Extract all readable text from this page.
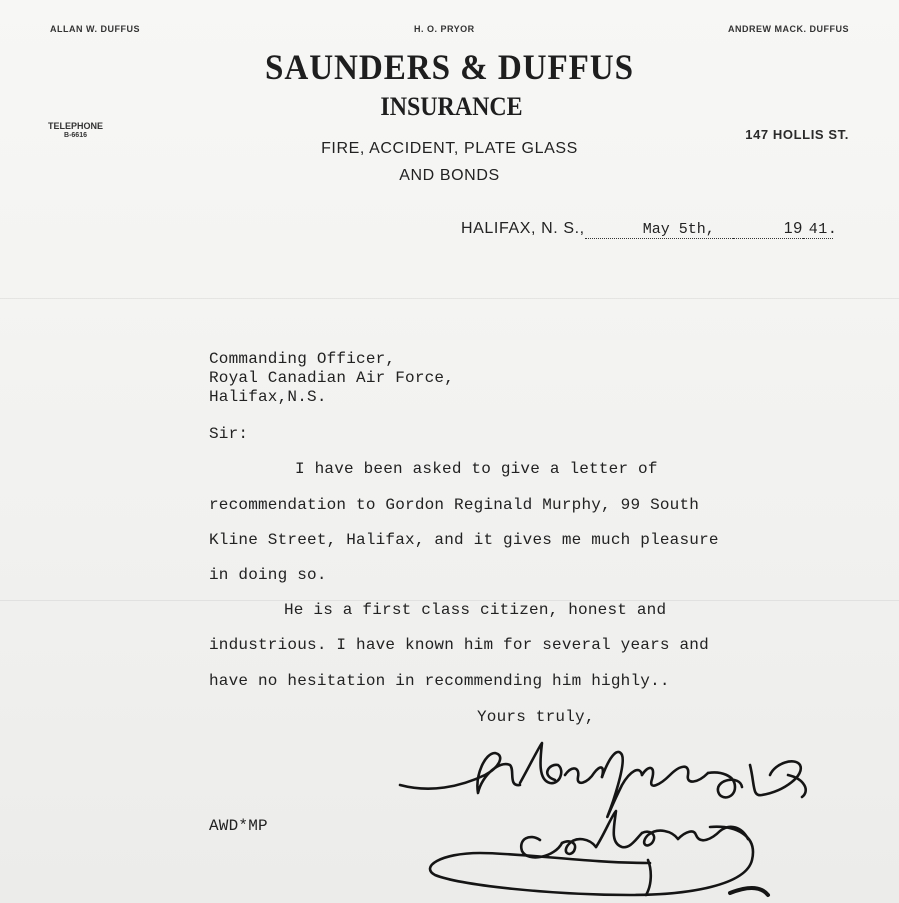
ALLAN W. DUFFUS	H. O. PRYOR	ANDREW MACK. DUFFUS
SAUNDERS & DUFFUS
INSURANCE
FIRE, ACCIDENT, PLATE GLASS
AND BONDS
TELEPHONE
B-6616	147 HOLLIS ST.
HALIFAX, N. S.,	May 5th,	19 41.
Commanding Officer,
Royal Canadian Air Force,
Halifax,N.S.
Sir:
I have been asked to give a letter of
recommendation to Gordon Reginald Murphy, 99 South
Kline Street, Halifax, and it gives me much pleasure
in doing so.
He is a first class citizen, honest and
industrious. I have known him for several years and
have no hesitation in recommending him highly..
Yours truly,
AWD*MP
